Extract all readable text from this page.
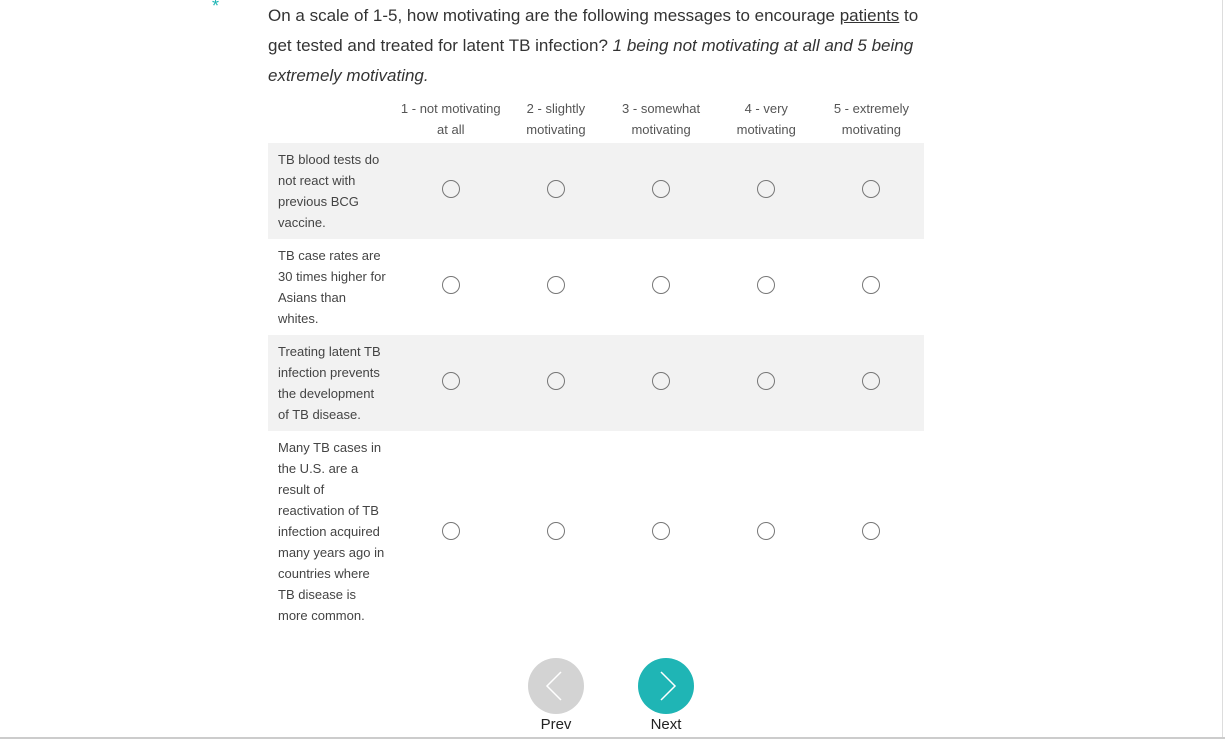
*	On a scale of 1-5, how motivating are the following messages to encourage patients to get tested and treated for latent TB infection? 1 being not motivating at all and 5 being extremely motivating.
	1 - not motivating at all	2 - slightly motivating	3 - somewhat motivating	4 - very motivating	5 - extremely motivating
TB blood tests do not react with previous BCG vaccine.					
TB case rates are 30 times higher for Asians than whites.					
Treating latent TB infection prevents the development of TB disease.					
Many TB cases in the U.S. are a result of reactivation of TB infection acquired many years ago in countries where TB disease is more common.					
Prev	Next
